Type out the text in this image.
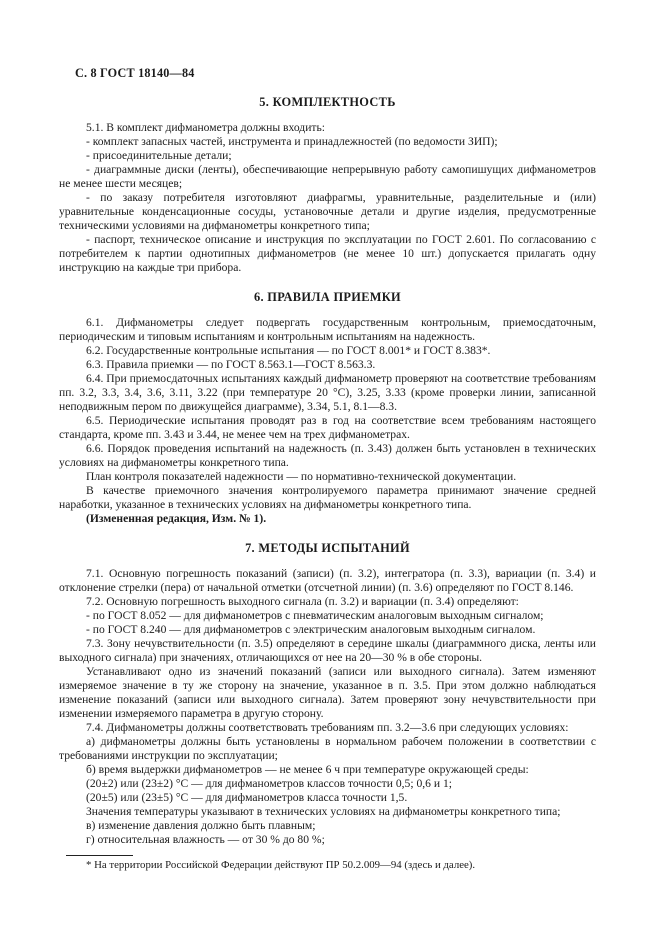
С. 8 ГОСТ 18140—84
5. КОМПЛЕКТНОСТЬ

5.1. В комплект дифманометра должны входить:

- комплект запасных частей, инструмента и принадлежностей (по ведомости ЗИП);

- присоединительные детали;

- диаграммные диски (ленты), обеспечивающие непрерывную работу самопишущих дифманометров не менее шести месяцев;

- по заказу потребителя изготовляют диафрагмы, уравнительные, разделительные и (или) уравнительные конденсационные сосуды, установочные детали и другие изделия, предусмотренные техническими условиями на дифманометры конкретного типа;

- паспорт, техническое описание и инструкция по эксплуатации по ГОСТ 2.601. По согласованию с потребителем к партии однотипных дифманометров (не менее 10 шт.) допускается прилагать одну инструкцию на каждые три прибора.

6. ПРАВИЛА ПРИЕМКИ

6.1. Дифманометры следует подвергать государственным контрольным, приемосдаточным, периодическим и типовым испытаниям и контрольным испытаниям на надежность.

6.2. Государственные контрольные испытания — по ГОСТ 8.001* и ГОСТ 8.383*.

6.3. Правила приемки — по ГОСТ 8.563.1—ГОСТ 8.563.3.

6.4. При приемосдаточных испытаниях каждый дифманометр проверяют на соответствие требованиям пп. 3.2, 3.3, 3.4, 3.6, 3.11, 3.22 (при температуре 20 °С), 3.25, 3.33 (кроме проверки линии, записанной неподвижным пером по движущейся диаграмме), 3.34, 5.1, 8.1—8.3.

6.5. Периодические испытания проводят раз в год на соответствие всем требованиям настоящего стандарта, кроме пп. 3.43 и 3.44, не менее чем на трех дифманометрах.

6.6. Порядок проведения испытаний на надежность (п. 3.43) должен быть установлен в технических условиях на дифманометры конкретного типа.

План контроля показателей надежности — по нормативно-технической документации.

В качестве приемочного значения контролируемого параметра принимают значение средней наработки, указанное в технических условиях на дифманометры конкретного типа.

(Измененная редакция, Изм. № 1).

7. МЕТОДЫ ИСПЫТАНИЙ

7.1. Основную погрешность показаний (записи) (п. 3.2), интегратора (п. 3.3), вариации (п. 3.4) и отклонение стрелки (пера) от начальной отметки (отсчетной линии) (п. 3.6) определяют по ГОСТ 8.146.

7.2. Основную погрешность выходного сигнала (п. 3.2) и вариации (п. 3.4) определяют:

- по ГОСТ 8.052 — для дифманометров с пневматическим аналоговым выходным сигналом;

- по ГОСТ 8.240 — для дифманометров с электрическим аналоговым выходным сигналом.

7.3. Зону нечувствительности (п. 3.5) определяют в середине шкалы (диаграммного диска, ленты или выходного сигнала) при значениях, отличающихся от нее на 20—30 % в обе стороны.

Устанавливают одно из значений показаний (записи или выходного сигнала). Затем изменяют измеряемое значение в ту же сторону на значение, указанное в п. 3.5. При этом должно наблюдаться изменение показаний (записи или выходного сигнала). Затем проверяют зону нечувствительности при изменении измеряемого параметра в другую сторону.

7.4. Дифманометры должны соответствовать требованиям пп. 3.2—3.6 при следующих условиях:

а) дифманометры должны быть установлены в нормальном рабочем положении в соответствии с требованиями инструкции по эксплуатации;

б) время выдержки дифманометров — не менее 6 ч при температуре окружающей среды:

(20±2) или (23±2) °С — для дифманометров классов точности 0,5; 0,6 и 1;

(20±5) или (23±5) °С — для дифманометров класса точности 1,5.

Значения температуры указывают в технических условиях на дифманометры конкретного типа;

в) изменение давления должно быть плавным;

г) относительная влажность — от 30 % до 80 %;

* На территории Российской Федерации действуют ПР 50.2.009—94 (здесь и далее).
